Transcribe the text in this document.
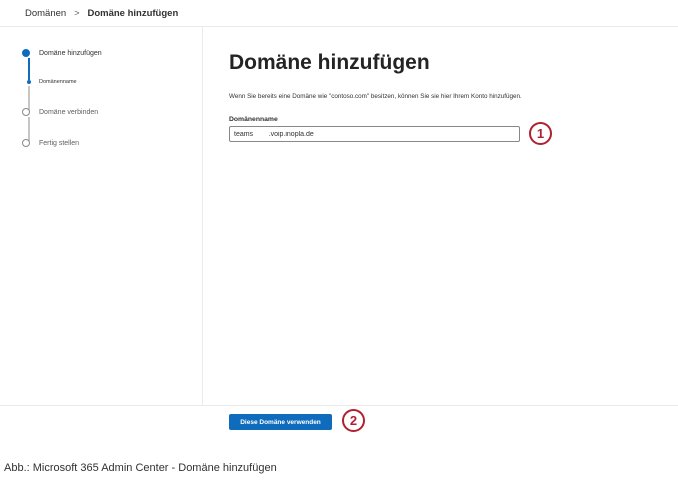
Domänen > Domäne hinzufügen
Domäne hinzufügen
Domänenname
Domäne verbinden
Fertig stellen
Domäne hinzufügen
Wenn Sie bereits eine Domäne wie "contoso.com" besitzen, können Sie sie hier Ihrem Konto hinzufügen.
Domänenname
teams .voip.inopla.de
1
Diese Domäne verwenden	2
Abb.: Microsoft 365 Admin Center - Domäne hinzufügen
